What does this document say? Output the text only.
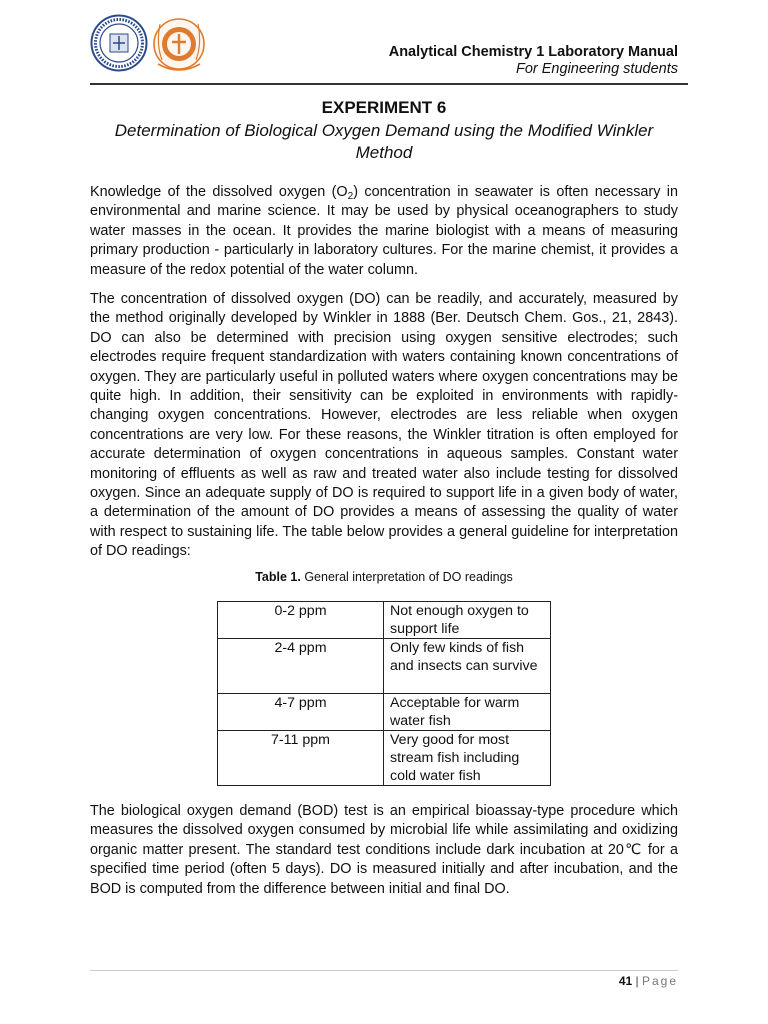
Analytical Chemistry 1 Laboratory Manual
For Engineering students
EXPERIMENT 6
Determination of Biological Oxygen Demand using the Modified Winkler Method

Knowledge of the dissolved oxygen $(O_2)$ concentration in seawater is often necessary in environmental and marine science. It may be used by physical oceanographers to study water masses in the ocean. It provides the marine biologist with a means of measuring primary production - particularly in laboratory cultures. For the marine chemist, it provides a measure of the redox potential of the water column.

The concentration of dissolved oxygen (DO) can be readily, and accurately, measured by the method originally developed by Winkler in 1888 (Ber. Deutsch Chem. Gos., 21, 2843). DO can also be determined with precision using oxygen sensitive electrodes; such electrodes require frequent standardization with waters containing known concentrations of oxygen. They are particularly useful in polluted waters where oxygen concentrations may be quite high. In addition, their sensitivity can be exploited in environments with rapidly-changing oxygen concentrations. However, electrodes are less reliable when oxygen concentrations are very low. For these reasons, the Winkler titration is often employed for accurate determination of oxygen concentrations in aqueous samples. Constant water monitoring of effluents as well as raw and treated water also include testing for dissolved oxygen. Since an adequate supply of DO is required to support life in a given body of water, a determination of the amount of DO provides a means of assessing the quality of water with respect to sustaining life. The table below provides a general guideline for interpretation of DO readings:

Table 1. General interpretation of DO readings
0-2 ppm	Not enough oxygen to support life
2-4 ppm	Only few kinds of fish and insects can survive
4-7 ppm	Acceptable for warm water fish
7-11 ppm	Very good for most stream fish including cold water fish

The biological oxygen demand (BOD) test is an empirical bioassay-type procedure which measures the dissolved oxygen consumed by microbial life while assimilating and oxidizing organic matter present. The standard test conditions include dark incubation at 20℃ for a specified time period (often 5 days). DO is measured initially and after incubation, and the BOD is computed from the difference between initial and final DO.

41 | Page
